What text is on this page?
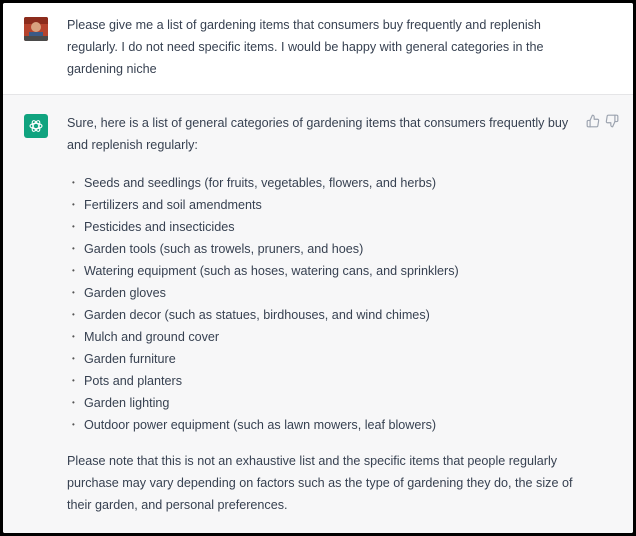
Please give me a list of gardening items that consumers buy frequently and replenish regularly. I do not need specific items. I would be happy with general categories in the gardening niche
Sure, here is a list of general categories of gardening items that consumers frequently buy and replenish regularly:
• Seeds and seedlings (for fruits, vegetables, flowers, and herbs)
• Fertilizers and soil amendments
• Pesticides and insecticides
• Garden tools (such as trowels, pruners, and hoes)
• Watering equipment (such as hoses, watering cans, and sprinklers)
• Garden gloves
• Garden decor (such as statues, birdhouses, and wind chimes)
• Mulch and ground cover
• Garden furniture
• Pots and planters
• Garden lighting
• Outdoor power equipment (such as lawn mowers, leaf blowers)
Please note that this is not an exhaustive list and the specific items that people regularly purchase may vary depending on factors such as the type of gardening they do, the size of their garden, and personal preferences.
